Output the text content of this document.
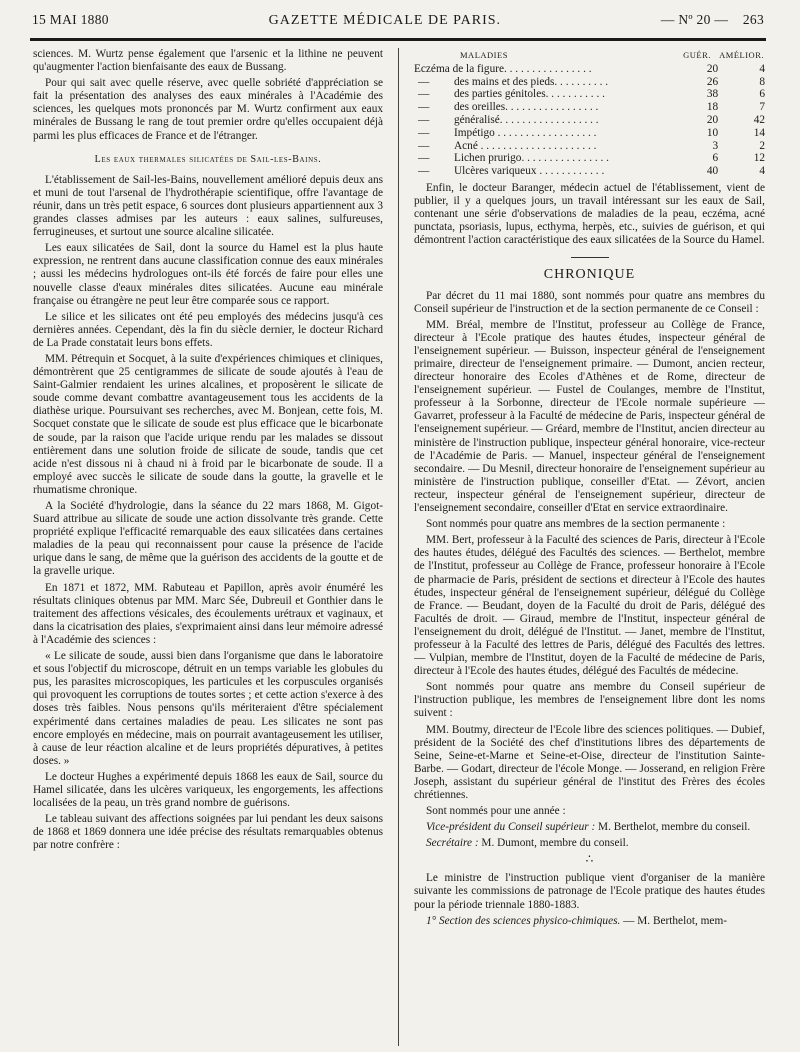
15 MAI 1880	GAZETTE MÉDICALE DE PARIS.	— Nº 20 — 263

sciences. M. Wurtz pense également que l'arsenic et la lithine ne peuvent qu'augmenter l'action bienfaisante des eaux de Bussang.

Pour qui sait avec quelle réserve, avec quelle sobriété d'appréciation se fait la présentation des analyses des eaux minérales à l'Académie des sciences, les quelques mots prononcés par M. Wurtz confirment aux eaux minérales de Bussang le rang de tout premier ordre qu'elles occupaient déjà parmi les plus efficaces de France et de l'étranger.

Les eaux thermales silicatées de Sail-les-Bains.

L'établissement de Sail-les-Bains, nouvellement amélioré depuis deux ans et muni de tout l'arsenal de l'hydrothérapie scientifique, offre l'avantage de réunir, dans un très petit espace, 6 sources dont plusieurs appartiennent aux 3 grandes classes admises par les auteurs : eaux salines, sulfureuses, ferrugineuses, et surtout une source alcaline silicatée.

Les eaux silicatées de Sail, dont la source du Hamel est la plus haute expression, ne rentrent dans aucune classification connue des eaux minérales ; aussi les médecins hydrologues ont-ils été forcés de faire pour elles une nouvelle classe d'eaux minérales dites silicatées. Aucune eau minérale française ou étrangère ne peut leur être comparée sous ce rapport.

Le silice et les silicates ont été peu employés des médecins jusqu'à ces dernières années. Cependant, dès la fin du siècle dernier, le docteur Richard de La Prade constatait leurs bons effets.

MM. Pétrequin et Socquet, à la suite d'expériences chimiques et cliniques, démontrèrent que 25 centigrammes de silicate de soude ajoutés à l'eau de Saint-Galmier rendaient les urines alcalines, et proposèrent le silicate de soude comme devant combattre avantageusement tous les accidents de la diathèse urique. Poursuivant ses recherches, avec M. Bonjean, cette fois, M. Socquet constate que le silicate de soude est plus efficace que le bicarbonate de soude, par la raison que l'acide urique rendu par les malades se dissout entièrement dans une solution froide de silicate de soude, tandis que cet acide n'est dissous ni à chaud ni à froid par le bicarbonate de soude. Il a employé avec succès le silicate de soude dans la goutte, la gravelle et le rhumatisme chronique.

A la Société d'hydrologie, dans la séance du 22 mars 1868, M. Gigot-Suard attribue au silicate de soude une action dissolvante très grande. Cette propriété explique l'efficacité remarquable des eaux silicatées dans certaines maladies de la peau qui reconnaissent pour cause la présence de l'acide urique dans le sang, de même que la guérison des accidents de la goutte et de la gravelle urique.

En 1871 et 1872, MM. Rabuteau et Papillon, après avoir énuméré les résultats cliniques obtenus par MM. Marc Sée, Dubreuil et Gonthier dans le traitement des affections vésicales, des écoulements urétraux et vaginaux, et dans la cicatrisation des plaies, s'exprimaient ainsi dans leur mémoire adressé à l'Académie des sciences :

« Le silicate de soude, aussi bien dans l'organisme que dans le laboratoire et sous l'objectif du microscope, détruit en un temps variable les globules du pus, les parasites microscopiques, les particules et les corpuscules organisés qui provoquent les corruptions de toutes sortes ; et cette action s'exerce à des doses très faibles. Nous pensons qu'ils mériteraient d'être spécialement expérimenté dans certaines maladies de peau. Les silicates ne sont pas encore employés en médecine, mais on pourrait avantageusement les utiliser, à cause de leur réaction alcaline et de leurs propriétés dépuratives, à petites doses. »

Le docteur Hughes a expérimenté depuis 1868 les eaux de Sail, source du Hamel silicatée, dans les ulcères variqueux, les engorgements, les affections localisées de la peau, un très grand nombre de guérisons.

Le tableau suivant des affections soignées par lui pendant les deux saisons de 1868 et 1869 donnera une idée précise des résultats remarquables obtenus par notre confrère :

MALADIES	GUÉR.	AMÉLIOR.
Eczéma de la figure. . . . . . . . . . . . . . . .	20	4
— des mains et des pieds. . . . . . . . . .	26	8
— des parties génitoles. . . . . . . . . . .	38	6
— des oreilles. . . . . . . . . . . . . . . . .	18	7
— généralisé. . . . . . . . . . . . . . . . . .	20	42
— Impétigo . . . . . . . . . . . . . . . . . .	10	14
— Acné . . . . . . . . . . . . . . . . . . . . .	3	2
— Lichen prurigo. . . . . . . . . . . . . . . .	6	12
— Ulcères variqueux . . . . . . . . . . . .	40	4

Enfin, le docteur Baranger, médecin actuel de l'établissement, vient de publier, il y a quelques jours, un travail intéressant sur les eaux de Sail, contenant une série d'observations de maladies de la peau, eczéma, acné punctata, psoriasis, lupus, ecthyma, herpès, etc., suivies de guérison, et qui démontrent l'action caractéristique des eaux silicatées de la Source du Hamel.

CHRONIQUE

Par décret du 11 mai 1880, sont nommés pour quatre ans membres du Conseil supérieur de l'instruction et de la section permanente de ce Conseil :

MM. Bréal, membre de l'Institut, professeur au Collège de France, directeur à l'Ecole pratique des hautes études, inspecteur général de l'enseignement supérieur. — Buisson, inspecteur général de l'enseignement primaire, directeur de l'enseignement primaire. — Dumont, ancien recteur, directeur honoraire des Ecoles d'Athènes et de Rome, directeur de l'enseignement supérieur. — Fustel de Coulanges, membre de l'Institut, professeur à la Sorbonne, directeur de l'Ecole normale supérieure — Gavarret, professeur à la Faculté de médecine de Paris, inspecteur général de l'enseignement supérieur. — Gréard, membre de l'Institut, ancien directeur au ministère de l'instruction publique, inspecteur général honoraire, vice-recteur de l'Académie de Paris. — Manuel, inspecteur général de l'enseignement secondaire. — Du Mesnil, directeur honoraire de l'enseignement supérieur au ministère de l'instruction publique, conseiller d'Etat. — Zévort, ancien recteur, inspecteur général de l'enseignement supérieur, directeur de l'enseignement secondaire, conseiller d'Etat en service extraordinaire.

Sont nommés pour quatre ans membres de la section permanente :

MM. Bert, professeur à la Faculté des sciences de Paris, directeur à l'Ecole des hautes études, délégué des Facultés des sciences. — Berthelot, membre de l'Institut, professeur au Collège de France, professeur honoraire à l'Ecole de pharmacie de Paris, président de sections et directeur à l'Ecole des hautes études, inspecteur général de l'enseignement supérieur, délégué du Collège de France. — Beudant, doyen de la Faculté du droit de Paris, délégué des Facultés de droit. — Giraud, membre de l'Institut, inspecteur général de l'enseignement du droit, délégué de l'Institut. — Janet, membre de l'Institut, professeur à la Faculté des lettres de Paris, délégué des Facultés des lettres. — Vulpian, membre de l'Institut, doyen de la Faculté de médecine de Paris, directeur à l'Ecole des hautes études, délégué des Facultés de médecine.

Sont nommés pour quatre ans membre du Conseil supérieur de l'instruction publique, les membres de l'enseignement libre dont les noms suivent :

MM. Boutmy, directeur de l'Ecole libre des sciences politiques. — Dubief, président de la Société des chef d'institutions libres des départements de Seine, Seine-et-Marne et Seine-et-Oise, directeur de l'institution Sainte-Barbe. — Godart, directeur de l'école Monge. — Josserand, en religion Frère Joseph, assistant du supérieur général de l'institut des Frères des écoles chrétiennes.

Sont nommés pour une année :

Vice-président du Conseil supérieur : M. Berthelot, membre du conseil.

Secrétaire : M. Dumont, membre du conseil.

∴

Le ministre de l'instruction publique vient d'organiser de la manière suivante les commissions de patronage de l'Ecole pratique des hautes études pour la période triennale 1880-1883.

1° Section des sciences physico-chimiques. — M. Berthelot, mem-
